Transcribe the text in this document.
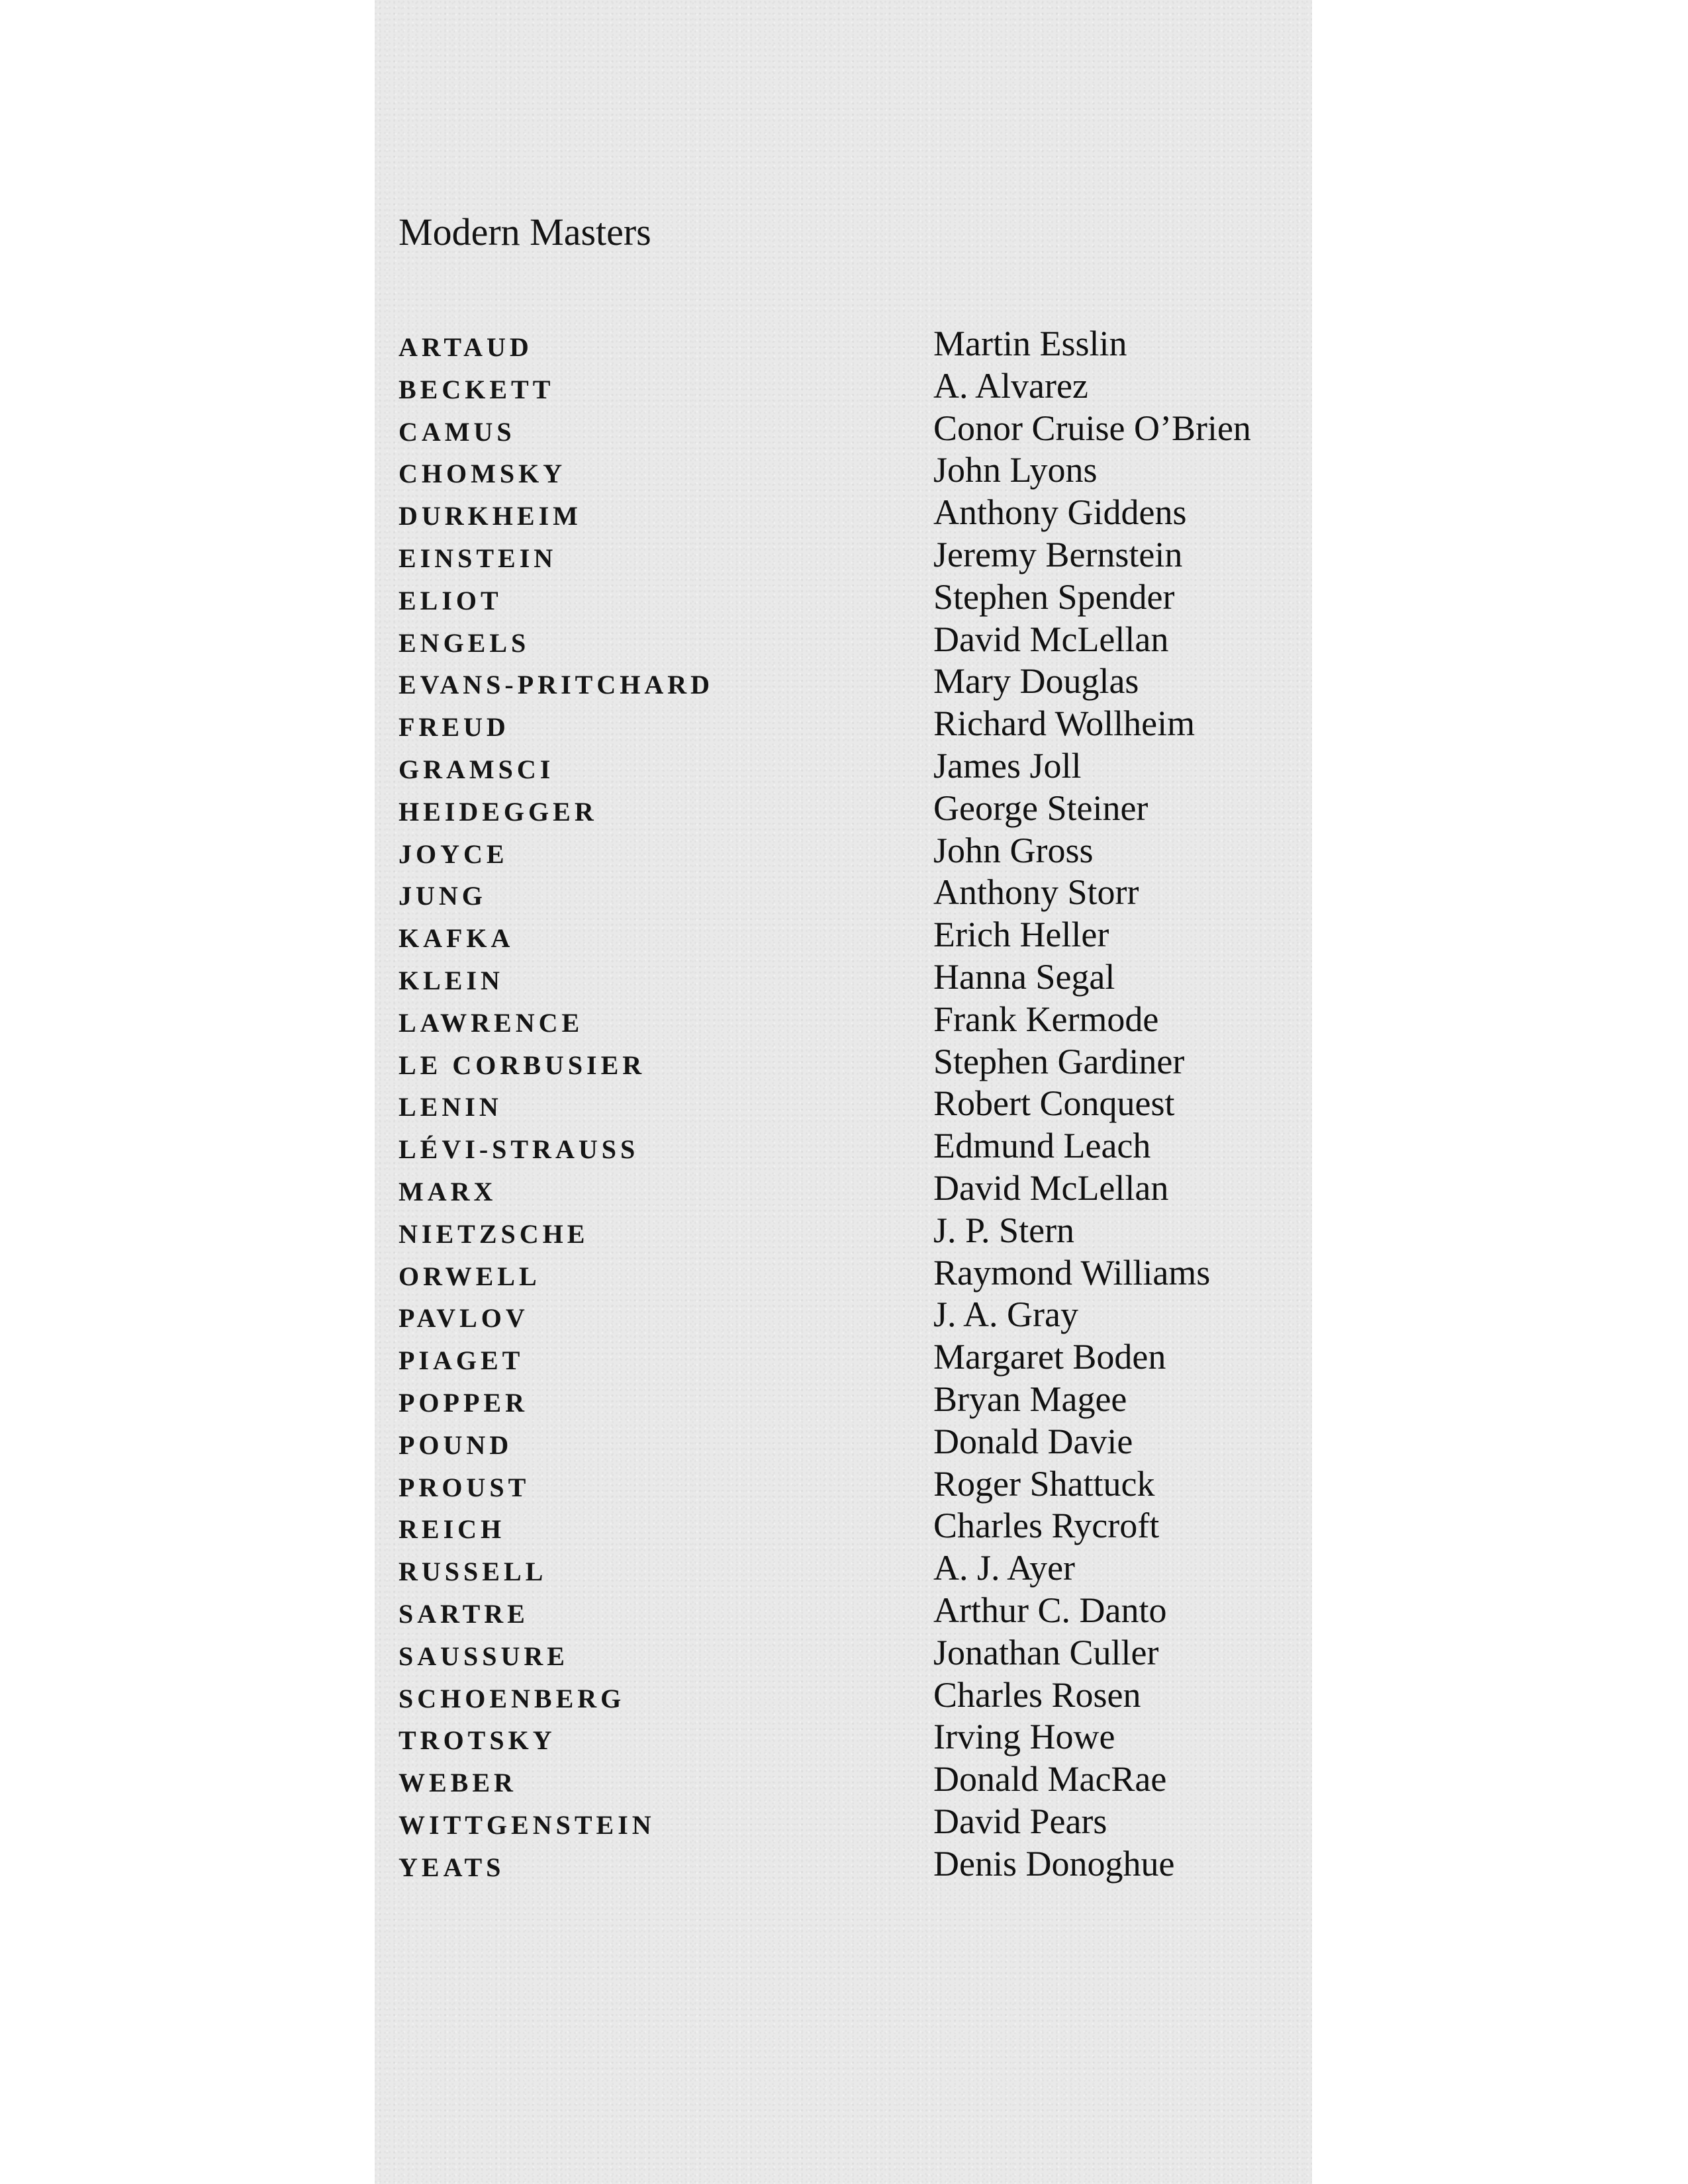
Modern Masters
ARTAUD	Martin Esslin
BECKETT	A. Alvarez
CAMUS	Conor Cruise O’Brien
CHOMSKY	John Lyons
DURKHEIM	Anthony Giddens
EINSTEIN	Jeremy Bernstein
ELIOT	Stephen Spender
ENGELS	David McLellan
EVANS-PRITCHARD	Mary Douglas
FREUD	Richard Wollheim
GRAMSCI	James Joll
HEIDEGGER	George Steiner
JOYCE	John Gross
JUNG	Anthony Storr
KAFKA	Erich Heller
KLEIN	Hanna Segal
LAWRENCE	Frank Kermode
LE CORBUSIER	Stephen Gardiner
LENIN	Robert Conquest
LÉVI-STRAUSS	Edmund Leach
MARX	David McLellan
NIETZSCHE	J. P. Stern
ORWELL	Raymond Williams
PAVLOV	J. A. Gray
PIAGET	Margaret Boden
POPPER	Bryan Magee
POUND	Donald Davie
PROUST	Roger Shattuck
REICH	Charles Rycroft
RUSSELL	A. J. Ayer
SARTRE	Arthur C. Danto
SAUSSURE	Jonathan Culler
SCHOENBERG	Charles Rosen
TROTSKY	Irving Howe
WEBER	Donald MacRae
WITTGENSTEIN	David Pears
YEATS	Denis Donoghue
